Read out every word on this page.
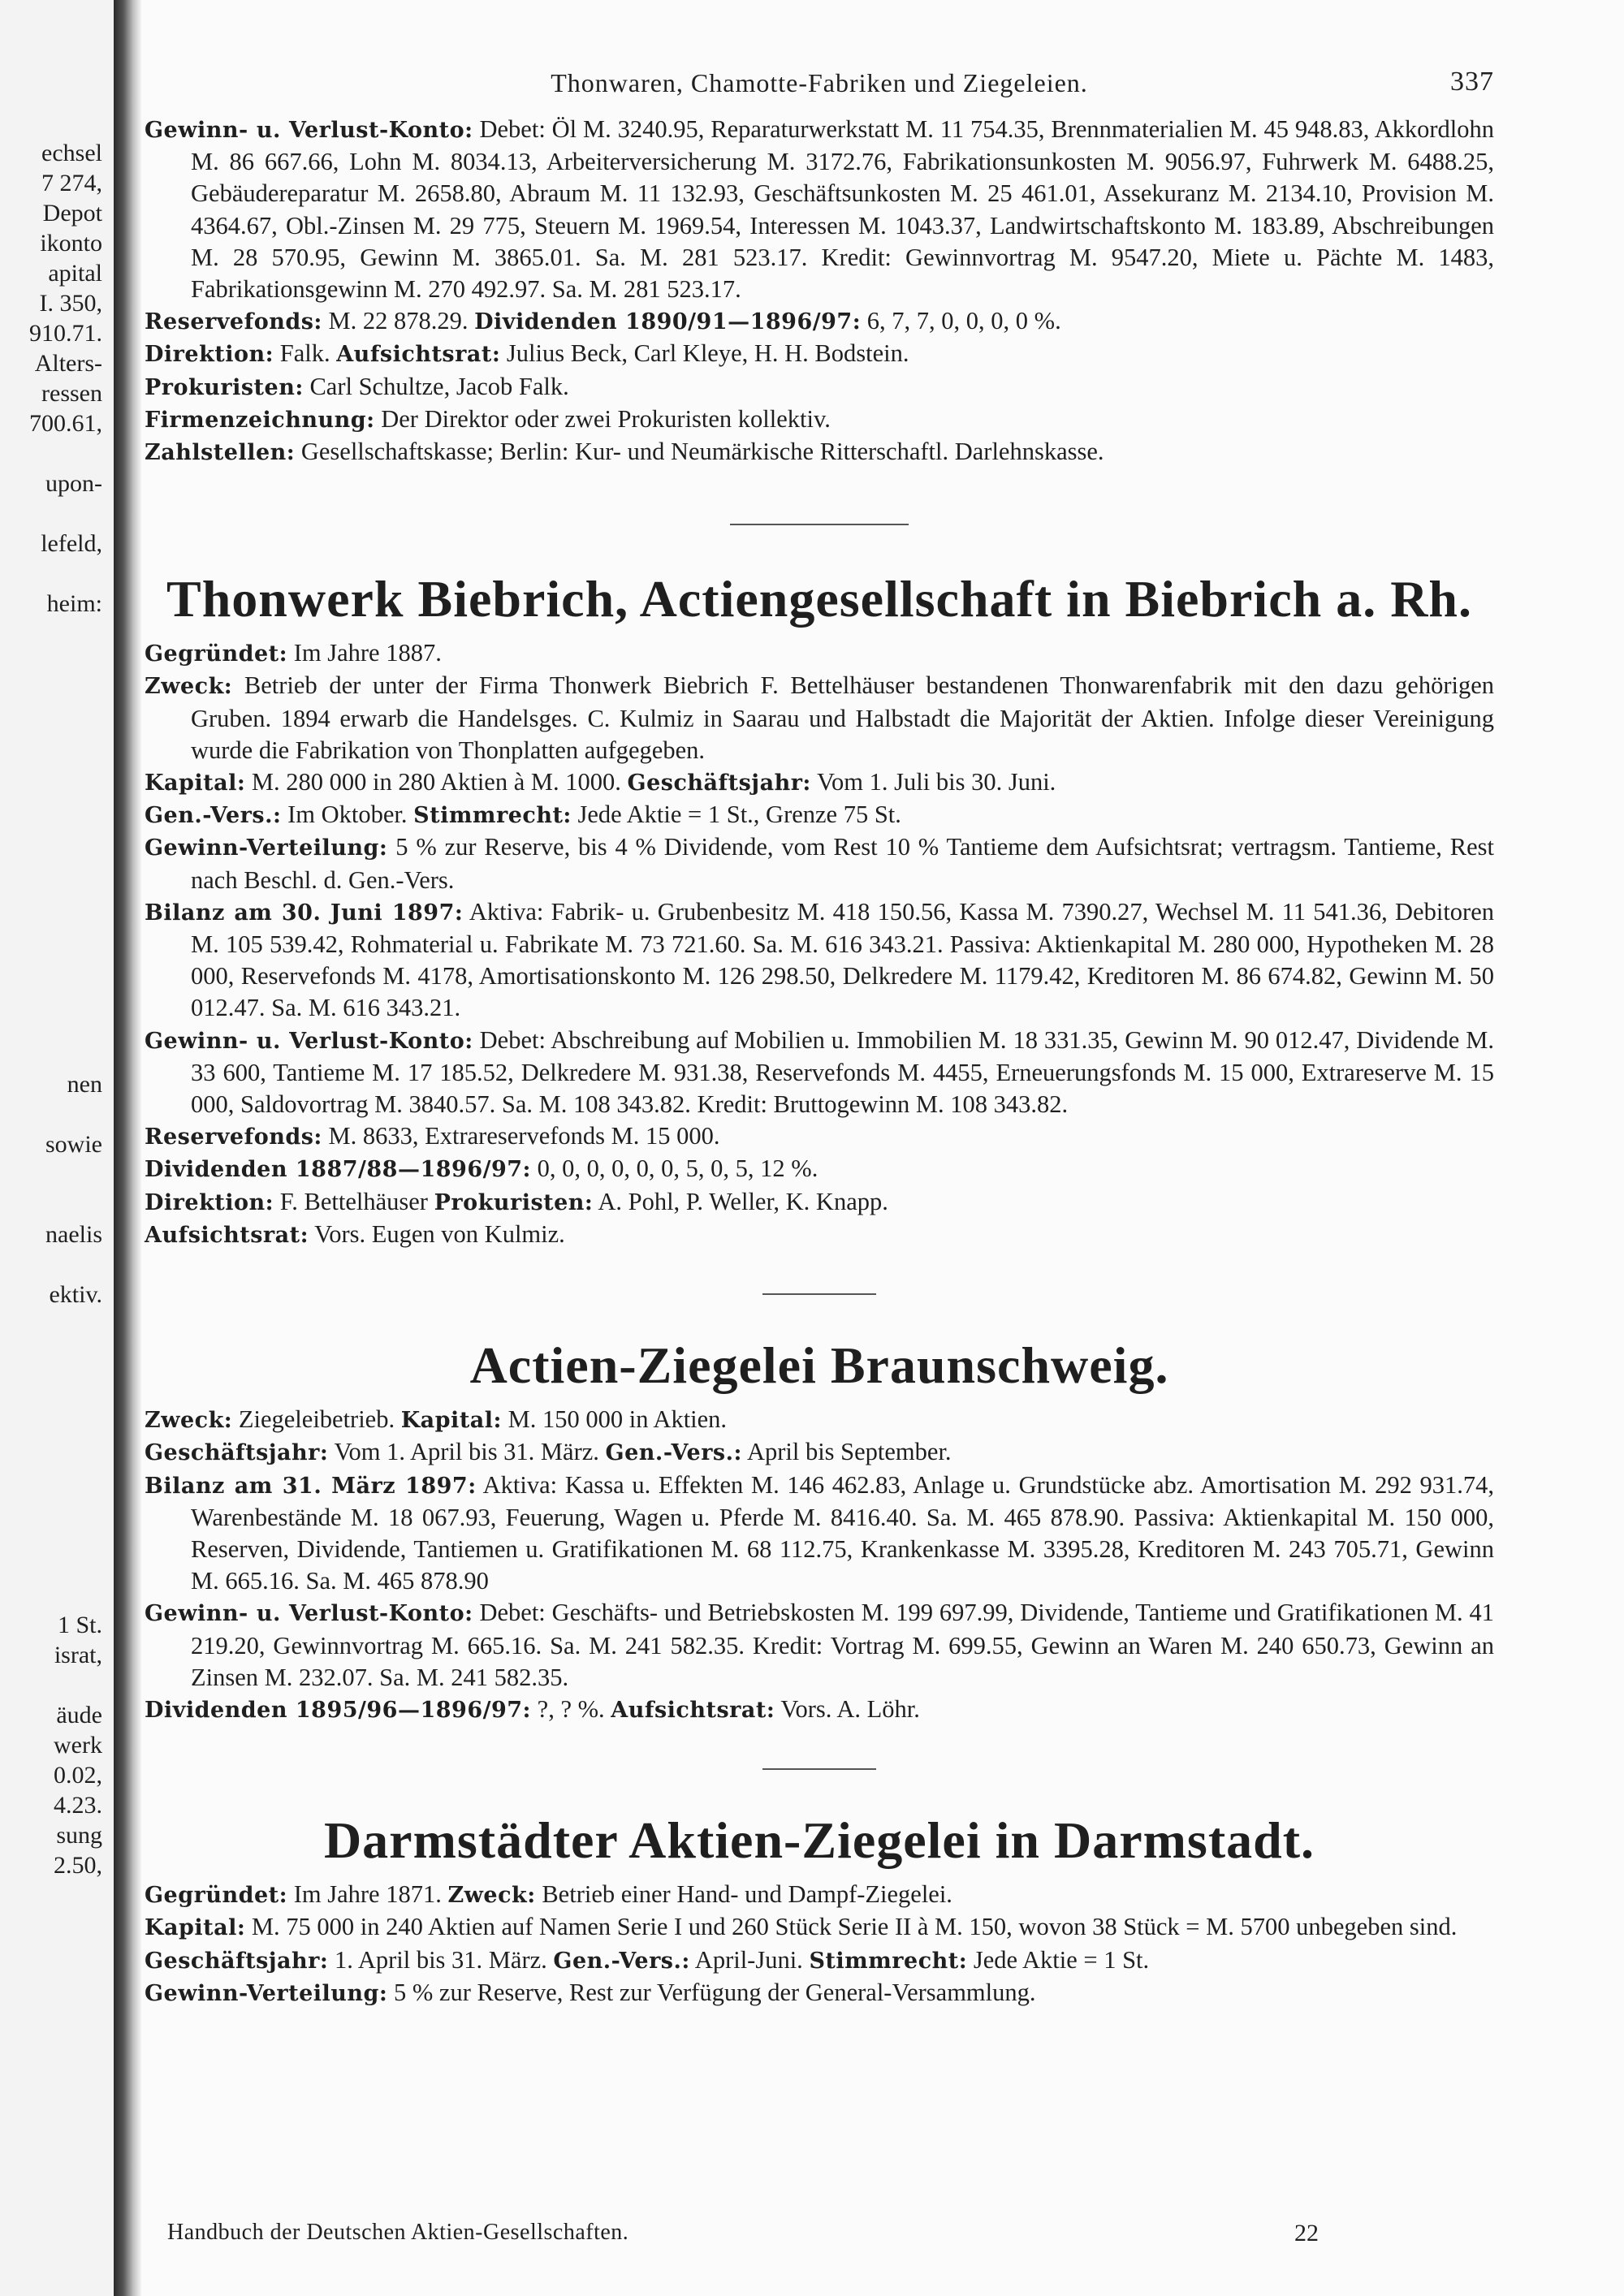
echsel
7 274,
Depot
ikonto
apital
I. 350,
910.71.
Alters-
ressen
700.61,

upon-

lefeld,

heim:

nen

sowie

naelis

ektiv.

1 St.
israt,

äude
werk
0.02,
4.23.
sung
2.50,
Thonwaren, Chamotte-Fabriken und Ziegeleien.	337

Gewinn- u. Verlust-Konto: Debet: Öl M. 3240.95, Reparaturwerkstatt M. 11 754.35, Brennmaterialien M. 45 948.83, Akkordlohn M. 86 667.66, Lohn M. 8034.13, Arbeiterversicherung M. 3172.76, Fabrikationsunkosten M. 9056.97, Fuhrwerk M. 6488.25, Gebäudereparatur M. 2658.80, Abraum M. 11 132.93, Geschäftsunkosten M. 25 461.01, Assekuranz M. 2134.10, Provision M. 4364.67, Obl.-Zinsen M. 29 775, Steuern M. 1969.54, Interessen M. 1043.37, Landwirtschaftskonto M. 183.89, Abschreibungen M. 28 570.95, Gewinn M. 3865.01. Sa. M. 281 523.17. Kredit: Gewinnvortrag M. 9547.20, Miete u. Pächte M. 1483, Fabrikationsgewinn M. 270 492.97. Sa. M. 281 523.17.

Reservefonds: M. 22 878.29. Dividenden 1890/91—1896/97: 6, 7, 7, 0, 0, 0, 0 %.

Direktion: Falk. Aufsichtsrat: Julius Beck, Carl Kleye, H. H. Bodstein.

Prokuristen: Carl Schultze, Jacob Falk.

Firmenzeichnung: Der Direktor oder zwei Prokuristen kollektiv.

Zahlstellen: Gesellschaftskasse; Berlin: Kur- und Neumärkische Ritterschaftl. Darlehnskasse.

Thonwerk Biebrich, Actiengesellschaft in Biebrich a. Rh.

Gegründet: Im Jahre 1887.

Zweck: Betrieb der unter der Firma Thonwerk Biebrich F. Bettelhäuser bestandenen Thonwarenfabrik mit den dazu gehörigen Gruben. 1894 erwarb die Handelsges. C. Kulmiz in Saarau und Halbstadt die Majorität der Aktien. Infolge dieser Vereinigung wurde die Fabrikation von Thonplatten aufgegeben.

Kapital: M. 280 000 in 280 Aktien à M. 1000. Geschäftsjahr: Vom 1. Juli bis 30. Juni.

Gen.-Vers.: Im Oktober. Stimmrecht: Jede Aktie = 1 St., Grenze 75 St.

Gewinn-Verteilung: 5 % zur Reserve, bis 4 % Dividende, vom Rest 10 % Tantieme dem Aufsichtsrat; vertragsm. Tantieme, Rest nach Beschl. d. Gen.-Vers.

Bilanz am 30. Juni 1897: Aktiva: Fabrik- u. Grubenbesitz M. 418 150.56, Kassa M. 7390.27, Wechsel M. 11 541.36, Debitoren M. 105 539.42, Rohmaterial u. Fabrikate M. 73 721.60. Sa. M. 616 343.21. Passiva: Aktienkapital M. 280 000, Hypotheken M. 28 000, Reservefonds M. 4178, Amortisationskonto M. 126 298.50, Delkredere M. 1179.42, Kreditoren M. 86 674.82, Gewinn M. 50 012.47. Sa. M. 616 343.21.

Gewinn- u. Verlust-Konto: Debet: Abschreibung auf Mobilien u. Immobilien M. 18 331.35, Gewinn M. 90 012.47, Dividende M. 33 600, Tantieme M. 17 185.52, Delkredere M. 931.38, Reservefonds M. 4455, Erneuerungsfonds M. 15 000, Extrareserve M. 15 000, Saldovortrag M. 3840.57. Sa. M. 108 343.82. Kredit: Bruttogewinn M. 108 343.82.

Reservefonds: M. 8633, Extrareservefonds M. 15 000.

Dividenden 1887/88—1896/97: 0, 0, 0, 0, 0, 0, 5, 0, 5, 12 %.

Direktion: F. Bettelhäuser Prokuristen: A. Pohl, P. Weller, K. Knapp.

Aufsichtsrat: Vors. Eugen von Kulmiz.

Actien-Ziegelei Braunschweig.

Zweck: Ziegeleibetrieb. Kapital: M. 150 000 in Aktien.

Geschäftsjahr: Vom 1. April bis 31. März. Gen.-Vers.: April bis September.

Bilanz am 31. März 1897: Aktiva: Kassa u. Effekten M. 146 462.83, Anlage u. Grundstücke abz. Amortisation M. 292 931.74, Warenbestände M. 18 067.93, Feuerung, Wagen u. Pferde M. 8416.40. Sa. M. 465 878.90. Passiva: Aktienkapital M. 150 000, Reserven, Dividende, Tantiemen u. Gratifikationen M. 68 112.75, Krankenkasse M. 3395.28, Kreditoren M. 243 705.71, Gewinn M. 665.16. Sa. M. 465 878.90

Gewinn- u. Verlust-Konto: Debet: Geschäfts- und Betriebskosten M. 199 697.99, Dividende, Tantieme und Gratifikationen M. 41 219.20, Gewinnvortrag M. 665.16. Sa. M. 241 582.35. Kredit: Vortrag M. 699.55, Gewinn an Waren M. 240 650.73, Gewinn an Zinsen M. 232.07. Sa. M. 241 582.35.

Dividenden 1895/96—1896/97: ?, ? %. Aufsichtsrat: Vors. A. Löhr.

Darmstädter Aktien-Ziegelei in Darmstadt.

Gegründet: Im Jahre 1871. Zweck: Betrieb einer Hand- und Dampf-Ziegelei.

Kapital: M. 75 000 in 240 Aktien auf Namen Serie I und 260 Stück Serie II à M. 150, wovon 38 Stück = M. 5700 unbegeben sind.

Geschäftsjahr: 1. April bis 31. März. Gen.-Vers.: April-Juni. Stimmrecht: Jede Aktie = 1 St.

Gewinn-Verteilung: 5 % zur Reserve, Rest zur Verfügung der General-Versammlung.

Handbuch der Deutschen Aktien-Gesellschaften.	22
